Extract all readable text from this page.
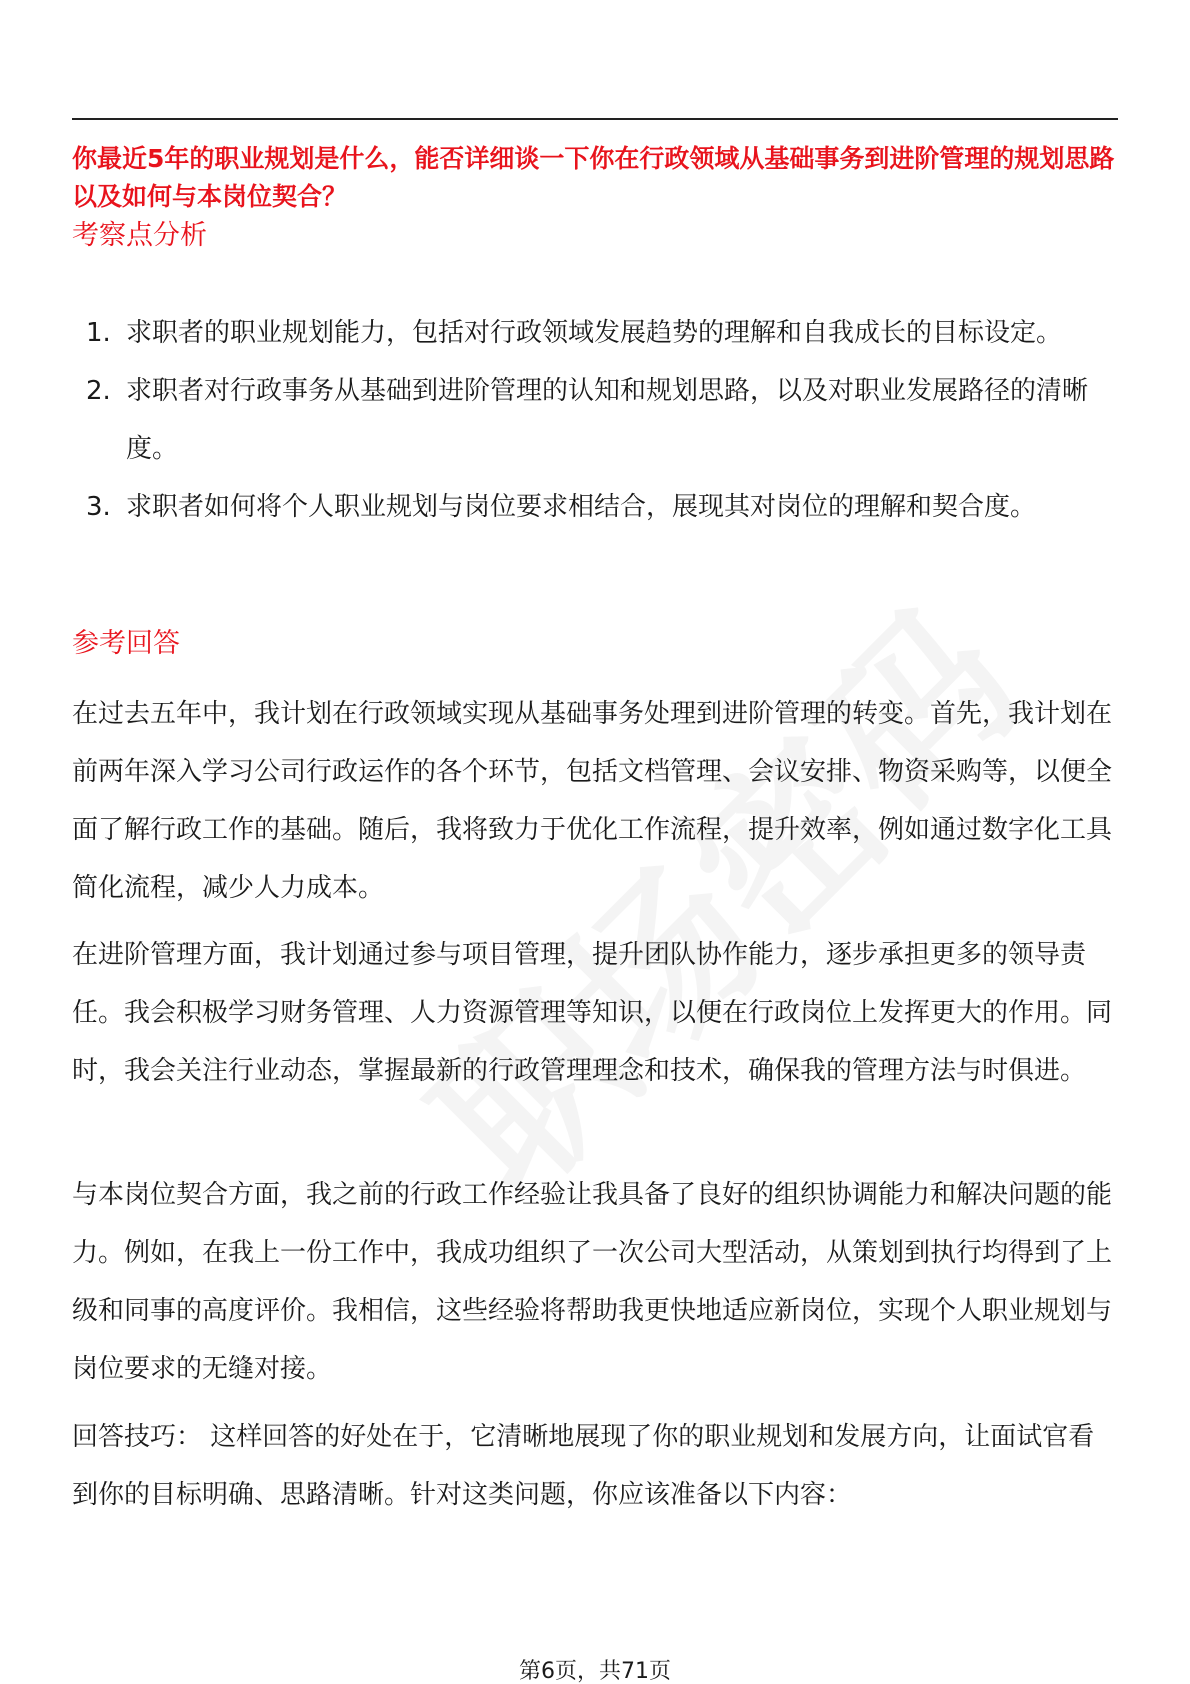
你最近5年的职业规划是什么，能否详细谈一下你在行政领域从基础事务到进阶管理的规划思路以及如何与本岗位契合？
考察点分析
1. 求职者的职业规划能力，包括对行政领域发展趋势的理解和自我成长的目标设定。
2. 求职者对行政事务从基础到进阶管理的认知和规划思路，以及对职业发展路径的清晰度。
3. 求职者如何将个人职业规划与岗位要求相结合，展现其对岗位的理解和契合度。
参考回答

在过去五年中，我计划在行政领域实现从基础事务处理到进阶管理的转变。首先，我计划在前两年深入学习公司行政运作的各个环节，包括文档管理、会议安排、物资采购等，以便全面了解行政工作的基础。随后，我将致力于优化工作流程，提升效率，例如通过数字化工具简化流程，减少人力成本。

在进阶管理方面，我计划通过参与项目管理，提升团队协作能力，逐步承担更多的领导责任。我会积极学习财务管理、人力资源管理等知识，以便在行政岗位上发挥更大的作用。同时，我会关注行业动态，掌握最新的行政管理理念和技术，确保我的管理方法与时俱进。

与本岗位契合方面，我之前的行政工作经验让我具备了良好的组织协调能力和解决问题的能力。例如，在我上一份工作中，我成功组织了一次公司大型活动，从策划到执行均得到了上级和同事的高度评价。我相信，这些经验将帮助我更快地适应新岗位，实现个人职业规划与岗位要求的无缝对接。

回答技巧： 这样回答的好处在于，它清晰地展现了你的职业规划和发展方向，让面试官看到你的目标明确、思路清晰。针对这类问题，你应该准备以下内容：

第6页，共71页
